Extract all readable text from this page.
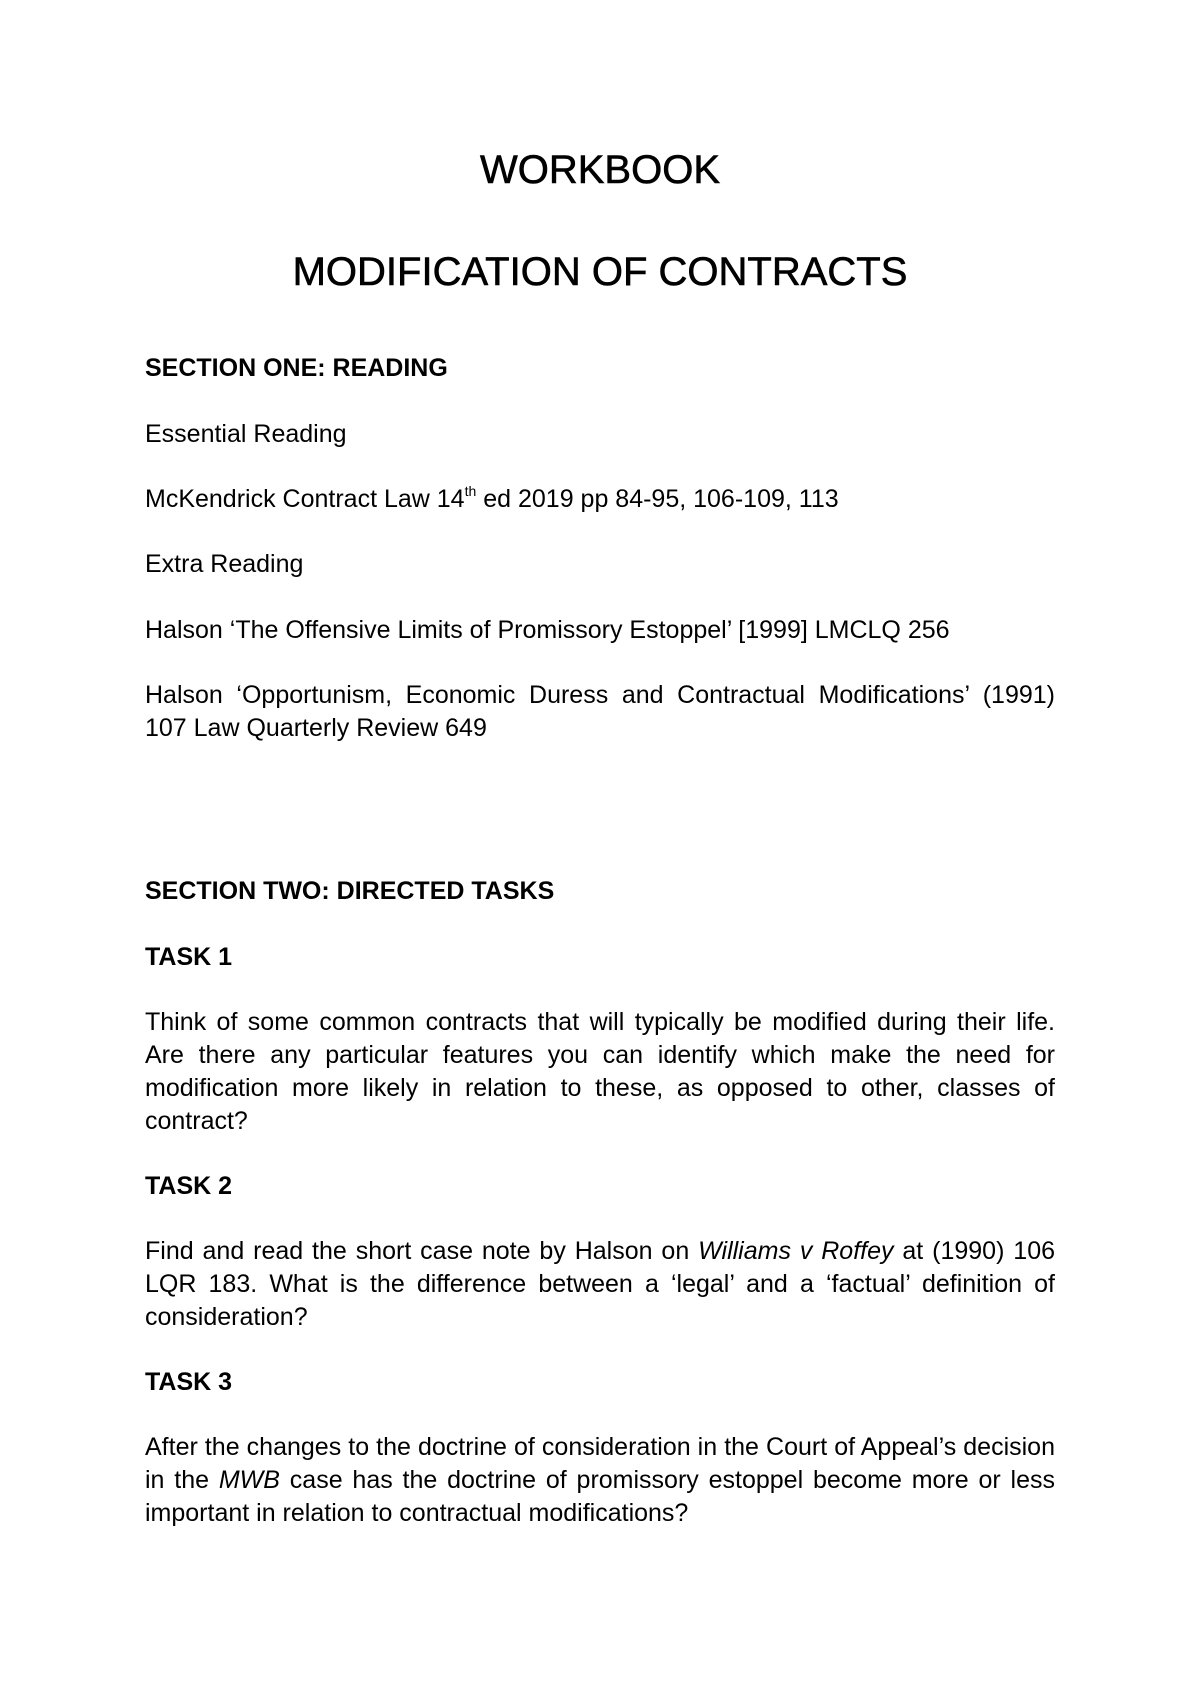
WORKBOOK
MODIFICATION OF CONTRACTS

SECTION ONE: READING

Essential Reading

McKendrick Contract Law 14th ed 2019 pp 84-95, 106-109, 113

Extra Reading

Halson ‘The Offensive Limits of Promissory Estoppel’ [1999] LMCLQ 256

Halson ‘Opportunism, Economic Duress and Contractual Modifications’ (1991) 107 Law Quarterly Review 649

SECTION TWO: DIRECTED TASKS

TASK 1

Think of some common contracts that will typically be modified during their life. Are there any particular features you can identify which make the need for modification more likely in relation to these, as opposed to other, classes of contract?

TASK 2

Find and read the short case note by Halson on Williams v Roffey at (1990) 106 LQR 183. What is the difference between a ‘legal’ and a ‘factual’ definition of consideration?

TASK 3

After the changes to the doctrine of consideration in the Court of Appeal’s decision in the MWB case has the doctrine of promissory estoppel become more or less important in relation to contractual modifications?
